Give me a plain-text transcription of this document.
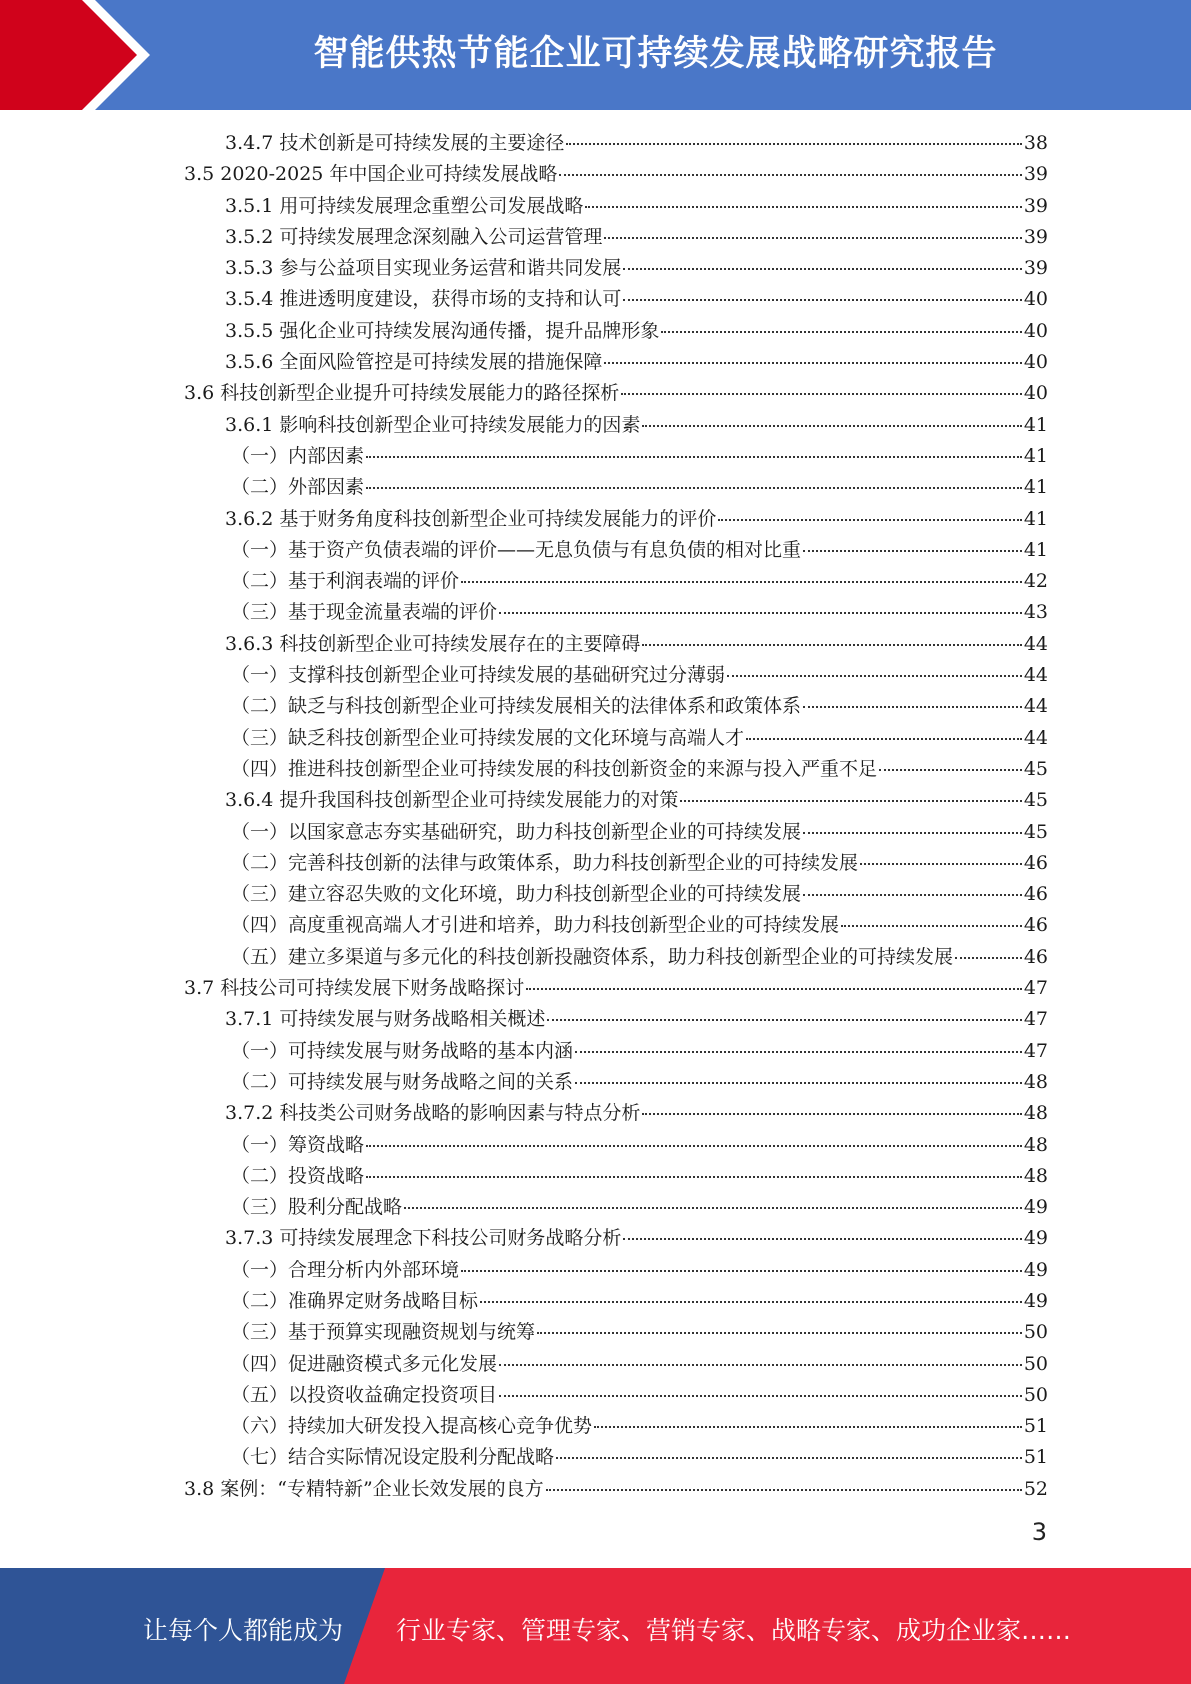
智能供热节能企业可持续发展战略研究报告
3.4.7 技术创新是可持续发展的主要途径	38
3.5 2020-2025 年中国企业可持续发展战略	39
3.5.1 用可持续发展理念重塑公司发展战略	39
3.5.2 可持续发展理念深刻融入公司运营管理	39
3.5.3 参与公益项目实现业务运营和谐共同发展	39
3.5.4 推进透明度建设，获得市场的支持和认可	40
3.5.5 强化企业可持续发展沟通传播，提升品牌形象	40
3.5.6 全面风险管控是可持续发展的措施保障	40
3.6 科技创新型企业提升可持续发展能力的路径探析	40
3.6.1 影响科技创新型企业可持续发展能力的因素	41
（一）内部因素	41
（二）外部因素	41
3.6.2 基于财务角度科技创新型企业可持续发展能力的评价	41
（一）基于资产负债表端的评价——无息负债与有息负债的相对比重	41
（二）基于利润表端的评价	42
（三）基于现金流量表端的评价	43
3.6.3 科技创新型企业可持续发展存在的主要障碍	44
（一）支撑科技创新型企业可持续发展的基础研究过分薄弱	44
（二）缺乏与科技创新型企业可持续发展相关的法律体系和政策体系	44
（三）缺乏科技创新型企业可持续发展的文化环境与高端人才	44
（四）推进科技创新型企业可持续发展的科技创新资金的来源与投入严重不足	45
3.6.4 提升我国科技创新型企业可持续发展能力的对策	45
（一）以国家意志夯实基础研究，助力科技创新型企业的可持续发展	45
（二）完善科技创新的法律与政策体系，助力科技创新型企业的可持续发展	46
（三）建立容忍失败的文化环境，助力科技创新型企业的可持续发展	46
（四）高度重视高端人才引进和培养，助力科技创新型企业的可持续发展	46
（五）建立多渠道与多元化的科技创新投融资体系，助力科技创新型企业的可持续发展	46
3.7 科技公司可持续发展下财务战略探讨	47
3.7.1 可持续发展与财务战略相关概述	47
（一）可持续发展与财务战略的基本内涵	47
（二）可持续发展与财务战略之间的关系	48
3.7.2 科技类公司财务战略的影响因素与特点分析	48
（一）筹资战略	48
（二）投资战略	48
（三）股利分配战略	49
3.7.3 可持续发展理念下科技公司财务战略分析	49
（一）合理分析内外部环境	49
（二）准确界定财务战略目标	49
（三）基于预算实现融资规划与统筹	50
（四）促进融资模式多元化发展	50
（五）以投资收益确定投资项目	50
（六）持续加大研发投入提高核心竞争优势	51
（七）结合实际情况设定股利分配战略	51
3.8 案例：“专精特新”企业长效发展的良方	52
3
让每个人都能成为 行业专家、管理专家、营销专家、战略专家、成功企业家……
